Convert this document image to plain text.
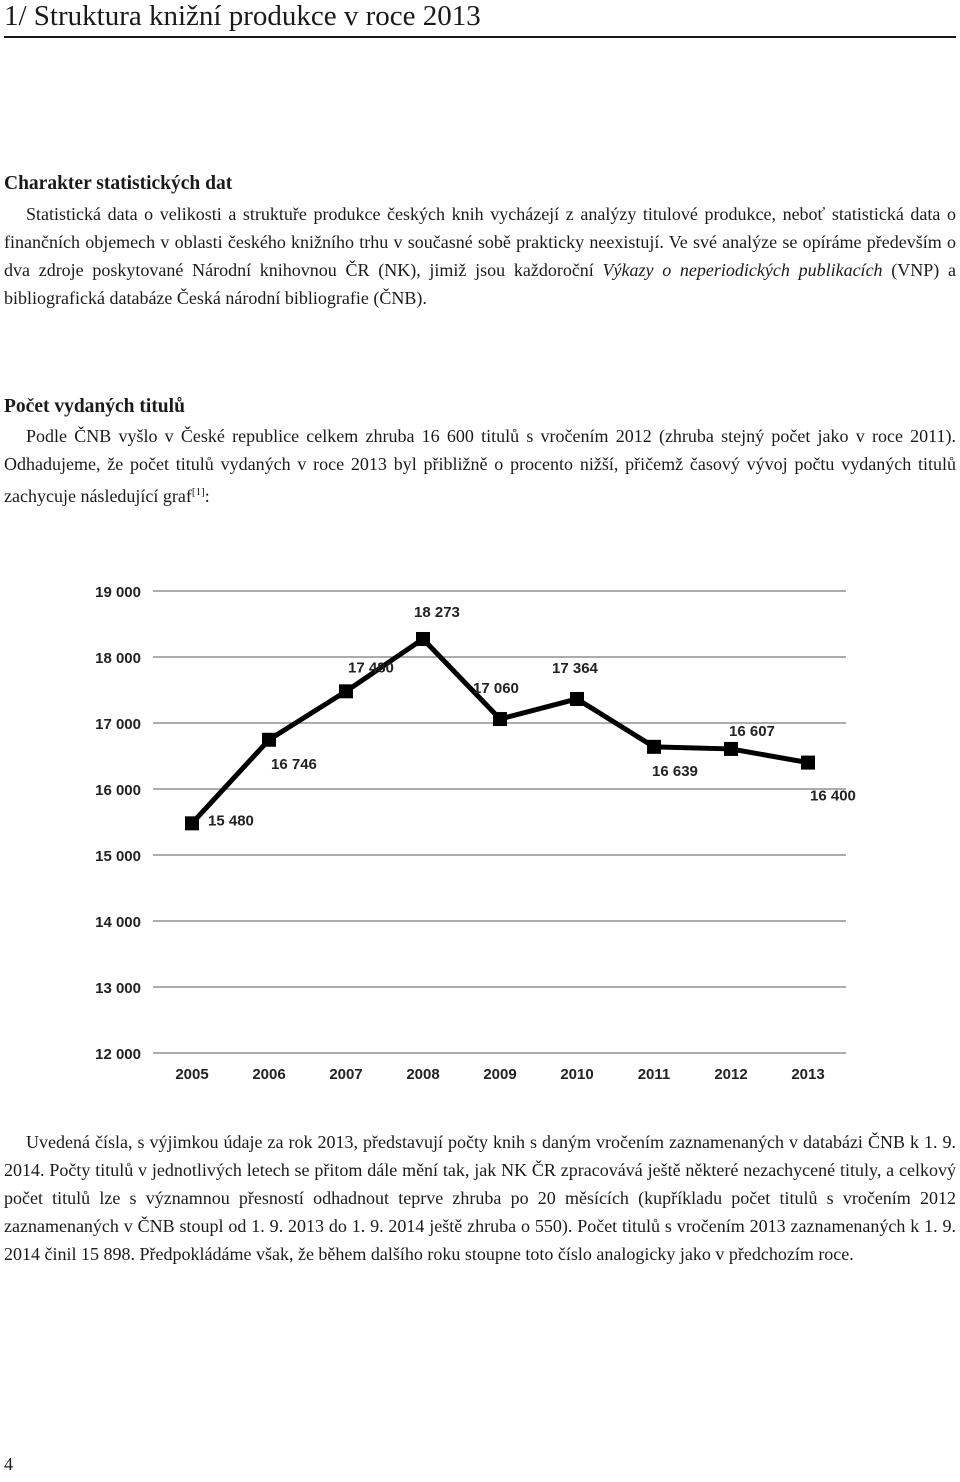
1/ Struktura knižní produkce v roce 2013
Charakter statistických dat

Statistická data o velikosti a struktuře produkce českých knih vycházejí z analýzy titulové produkce, neboť statistická data o finančních objemech v oblasti českého knižního trhu v současné sobě prakticky neexistují. Ve své analýze se opíráme především o dva zdroje poskytované Národní knihovnou ČR (NK), jimiž jsou každoroční Výkazy o neperiodických publikacích (VNP) a bibliografická databáze Česká národní bibliografie (ČNB).

Počet vydaných titulů

Podle ČNB vyšlo v České republice celkem zhruba 16 600 titulů s vročením 2012 (zhruba stejný počet jako v roce 2011). Odhadujeme, že počet titulů vydaných v roce 2013 byl přibližně o procento nižší, přičemž časový vývoj počtu vydaných titulů zachycuje následující graf[1]:

12 000
13 000
14 000
15 000
16 000
17 000
18 000
19 000
2005	2006	2007	2008	2009	2010	2011	2012	2013
15 480
16 746
17 480
18 273
17 060
17 364
16 639
16 607
16 400

Uvedená čísla, s výjimkou údaje za rok 2013, představují počty knih s daným vročením zaznamenaných v databázi ČNB k 1. 9. 2014. Počty titulů v jednotlivých letech se přitom dále mění tak, jak NK ČR zpracovává ještě některé nezachycené tituly, a celkový počet titulů lze s významnou přesností odhadnout teprve zhruba po 20 měsících (kupříkladu počet titulů s vročením 2012 zaznamenaných v ČNB stoupl od 1. 9. 2013 do 1. 9. 2014 ještě zhruba o 550). Počet titulů s vročením 2013 zaznamenaných k 1. 9. 2014 činil 15 898. Předpokládáme však, že během dalšího roku stoupne toto číslo analogicky jako v předchozím roce.

4
